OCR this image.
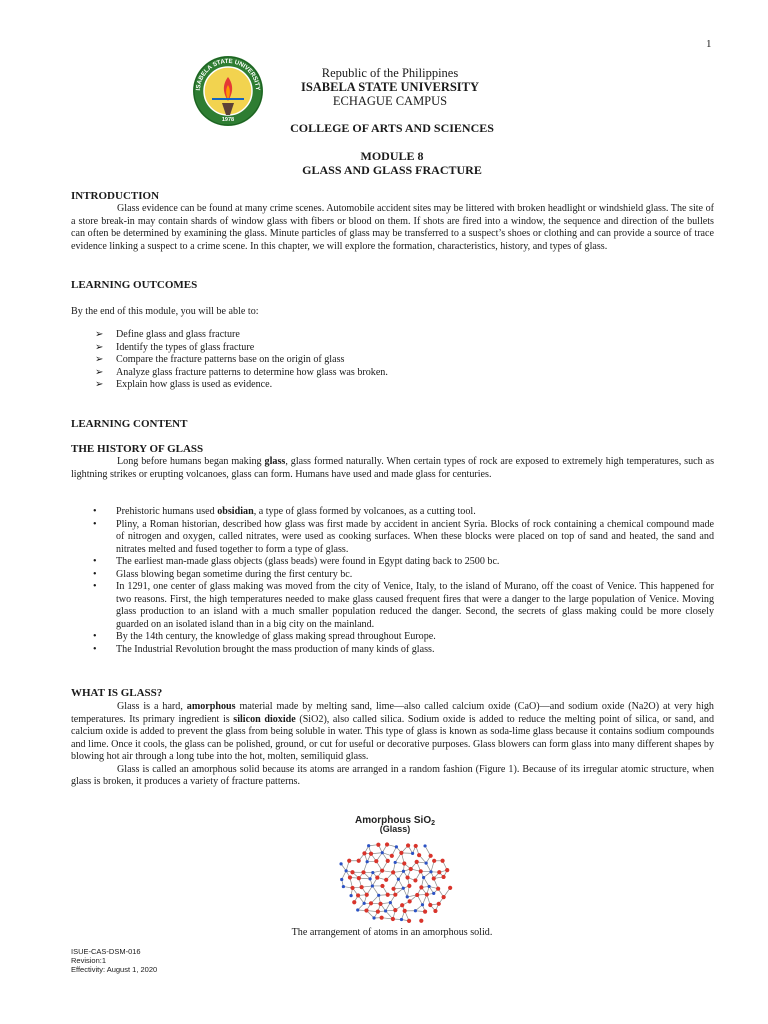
1
ISABELA STATE UNIVERSITY
1978
Republic of the Philippines
ISABELA STATE UNIVERSITY
ECHAGUE CAMPUS
COLLEGE OF ARTS AND SCIENCES
MODULE 8
GLASS AND GLASS FRACTURE
INTRODUCTION

Glass evidence can be found at many crime scenes. Automobile accident sites may be littered with broken headlight or windshield glass. The site of a store break-in may contain shards of window glass with fibers or blood on them. If shots are fired into a window, the sequence and direction of the bullets can often be determined by examining the glass. Minute particles of glass may be transferred to a suspect’s shoes or clothing and can provide a source of trace evidence linking a suspect to a crime scene. In this chapter, we will explore the formation, characteristics, history, and types of glass.

LEARNING OUTCOMES
By the end of this module, you will be able to:
➢ Define glass and glass fracture
➢ Identify the types of glass fracture
➢ Compare the fracture patterns base on the origin of glass
➢ Analyze glass fracture patterns to determine how glass was broken.
➢ Explain how glass is used as evidence.
LEARNING CONTENT
THE HISTORY OF GLASS

Long before humans began making glass, glass formed naturally. When certain types of rock are exposed to extremely high temperatures, such as lightning strikes or erupting volcanoes, glass can form. Humans have used and made glass for centuries.

• Prehistoric humans used obsidian, a type of glass formed by volcanoes, as a cutting tool.
• Pliny, a Roman historian, described how glass was first made by accident in ancient Syria. Blocks of rock containing a chemical compound made of nitrogen and oxygen, called nitrates, were used as cooking surfaces. When these blocks were placed on top of sand and heated, the sand and nitrates melted and fused together to form a type of glass.
• The earliest man-made glass objects (glass beads) were found in Egypt dating back to 2500 bc.
• Glass blowing began sometime during the first century bc.
• In 1291, one center of glass making was moved from the city of Venice, Italy, to the island of Murano, off the coast of Venice. This happened for two reasons. First, the high temperatures needed to make glass caused frequent fires that were a danger to the large population of Venice. Moving glass production to an island with a much smaller population reduced the danger. Second, the secrets of glass making could be more closely guarded on an isolated island than in a big city on the mainland.
• By the 14th century, the knowledge of glass making spread throughout Europe.
• The Industrial Revolution brought the mass production of many kinds of glass.
WHAT IS GLASS?

Glass is a hard, amorphous material made by melting sand, lime—also called calcium oxide (CaO)—and sodium oxide (Na2O) at very high temperatures. Its primary ingredient is silicon dioxide (SiO2), also called silica. Sodium oxide is added to reduce the melting point of silica, or sand, and calcium oxide is added to prevent the glass from being soluble in water. This type of glass is known as soda-lime glass because it contains sodium compounds and lime. Once it cools, the glass can be polished, ground, or cut for useful or decorative purposes. Glass blowers can form glass into many different shapes by blowing hot air through a long tube into the hot, molten, semiliquid glass.

Glass is called an amorphous solid because its atoms are arranged in a random fashion (Figure 1). Because of its irregular atomic structure, when glass is broken, it produces a variety of fracture patterns.

Amorphous SiO$_2$
(Glass)
The arrangement of atoms in an amorphous solid.
ISUE-CAS-DSM-016
Revision:1
Effectivity: August 1, 2020
